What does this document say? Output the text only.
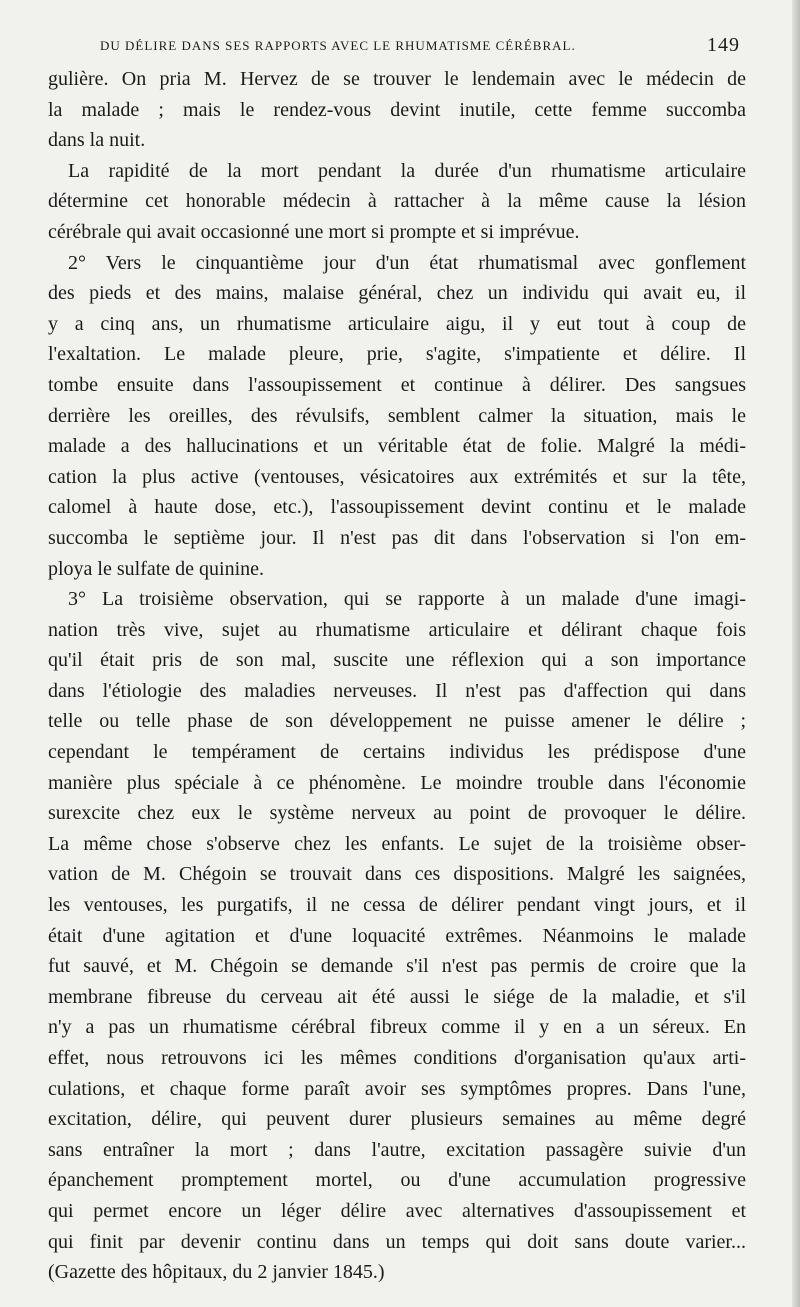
DU DÉLIRE DANS SES RAPPORTS AVEC LE RHUMATISME CÉRÉBRAL.	149
gulière. On pria M. Hervez de se trouver le lendemain avec le médecin de
la malade ; mais le rendez-vous devint inutile, cette femme succomba
dans la nuit.
La rapidité de la mort pendant la durée d'un rhumatisme articulaire
détermine cet honorable médecin à rattacher à la même cause la lésion
cérébrale qui avait occasionné une mort si prompte et si imprévue.
2° Vers le cinquantième jour d'un état rhumatismal avec gonflement
des pieds et des mains, malaise général, chez un individu qui avait eu, il
y a cinq ans, un rhumatisme articulaire aigu, il y eut tout à coup de
l'exaltation. Le malade pleure, prie, s'agite, s'impatiente et délire. Il
tombe ensuite dans l'assoupissement et continue à délirer. Des sangsues
derrière les oreilles, des révulsifs, semblent calmer la situation, mais le
malade a des hallucinations et un véritable état de folie. Malgré la médi-
cation la plus active (ventouses, vésicatoires aux extrémités et sur la tête,
calomel à haute dose, etc.), l'assoupissement devint continu et le malade
succomba le septième jour. Il n'est pas dit dans l'observation si l'on em-
ploya le sulfate de quinine.
3° La troisième observation, qui se rapporte à un malade d'une imagi-
nation très vive, sujet au rhumatisme articulaire et délirant chaque fois
qu'il était pris de son mal, suscite une réflexion qui a son importance
dans l'étiologie des maladies nerveuses. Il n'est pas d'affection qui dans
telle ou telle phase de son développement ne puisse amener le délire ;
cependant le tempérament de certains individus les prédispose d'une
manière plus spéciale à ce phénomène. Le moindre trouble dans l'économie
surexcite chez eux le système nerveux au point de provoquer le délire.
La même chose s'observe chez les enfants. Le sujet de la troisième obser-
vation de M. Chégoin se trouvait dans ces dispositions. Malgré les saignées,
les ventouses, les purgatifs, il ne cessa de délirer pendant vingt jours, et il
était d'une agitation et d'une loquacité extrêmes. Néanmoins le malade
fut sauvé, et M. Chégoin se demande s'il n'est pas permis de croire que la
membrane fibreuse du cerveau ait été aussi le siége de la maladie, et s'il
n'y a pas un rhumatisme cérébral fibreux comme il y en a un séreux. En
effet, nous retrouvons ici les mêmes conditions d'organisation qu'aux arti-
culations, et chaque forme paraît avoir ses symptômes propres. Dans l'une,
excitation, délire, qui peuvent durer plusieurs semaines au même degré
sans entraîner la mort ; dans l'autre, excitation passagère suivie d'un
épanchement promptement mortel, ou d'une accumulation progressive
qui permet encore un léger délire avec alternatives d'assoupissement et
qui finit par devenir continu dans un temps qui doit sans doute varier...
(Gazette des hôpitaux, du 2 janvier 1845.)
